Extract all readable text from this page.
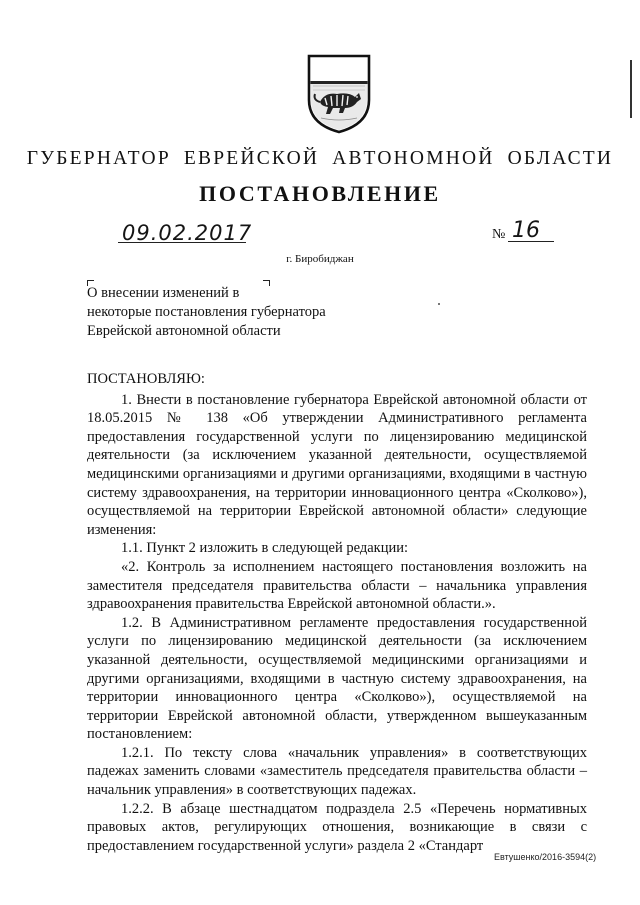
ГУБЕРНАТОР ЕВРЕЙСКОЙ АВТОНОМНОЙ ОБЛАСТИ
ПОСТАНОВЛЕНИЕ
09.02.2017	№ 16
г. Биробиджан
О внесении изменений в
некоторые постановления губернатора
Еврейской автономной области

ПОСТАНОВЛЯЮ:

1. Внести в постановление губернатора Еврейской автономной области от 18.05.2015 № 138 «Об утверждении Административного регламента предоставления государственной услуги по лицензированию медицинской деятельности (за исключением указанной деятельности, осуществляемой медицинскими организациями и другими организациями, входящими в частную систему здравоохранения, на территории инновационного центра «Сколково»), осуществляемой на территории Еврейской автономной области» следующие изменения:

1.1. Пункт 2 изложить в следующей редакции:

«2. Контроль за исполнением настоящего постановления возложить на заместителя председателя правительства области – начальника управления здравоохранения правительства Еврейской автономной области.».

1.2. В Административном регламенте предоставления государственной услуги по лицензированию медицинской деятельности (за исключением указанной деятельности, осуществляемой медицинскими организациями и другими организациями, входящими в частную систему здравоохранения, на территории инновационного центра «Сколково»), осуществляемой на территории Еврейской автономной области, утвержденном вышеуказанным постановлением:

1.2.1. По тексту слова «начальник управления» в соответствующих падежах заменить словами «заместитель председателя правительства области – начальник управления» в соответствующих падежах.

1.2.2. В абзаце шестнадцатом подраздела 2.5 «Перечень нормативных правовых актов, регулирующих отношения, возникающие в связи с предоставлением государственной услуги» раздела 2 «Стандарт

Евтушенко/2016-3594(2)
